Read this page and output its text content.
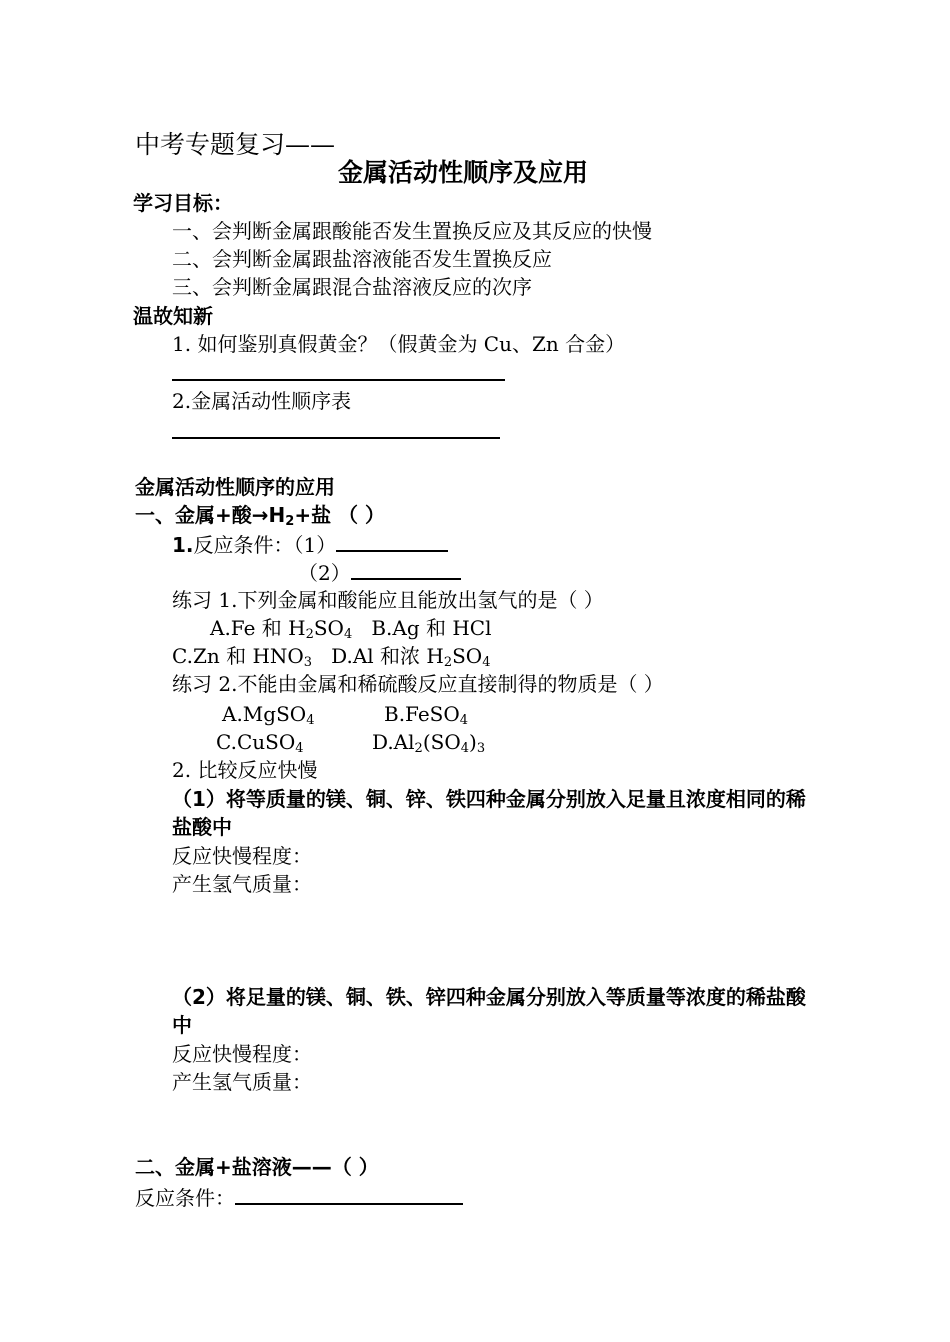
中考专题复习——
金属活动性顺序及应用
学习目标：
一、会判断金属跟酸能否发生置换反应及其反应的快慢
二、会判断金属跟盐溶液能否发生置换反应
三、会判断金属跟混合盐溶液反应的次序
温故知新
1. 如何鉴别真假黄金？（假黄金为 Cu、Zn 合金）
2.金属活动性顺序表
金属活动性顺序的应用
一、金属+酸$\to H_2+$盐 （ ）
1.反应条件：（1）
（2）
练习 1.下列金属和酸能应且能放出氢气的是（ ）
A.Fe 和 $H_2SO_4$   B.Ag 和 HCl
C.Zn 和 $HNO_3$   D.Al 和浓 $H_2SO_4$
练习 2.不能由金属和稀硫酸反应直接制得的物质是（ ）
A.MgSO$_4$	B.FeSO$_4$
C.CuSO$_4$	$D.Al_2(SO_4)_3$
2. 比较反应快慢
（1）将等质量的镁、铜、锌、铁四种金属分别放入足量且浓度相同的稀
盐酸中
反应快慢程度：
产生氢气质量：
（2）将足量的镁、铜、铁、锌四种金属分别放入等质量等浓度的稀盐酸
中
反应快慢程度：
产生氢气质量：
二、金属+盐溶液——（ ）
反应条件：
